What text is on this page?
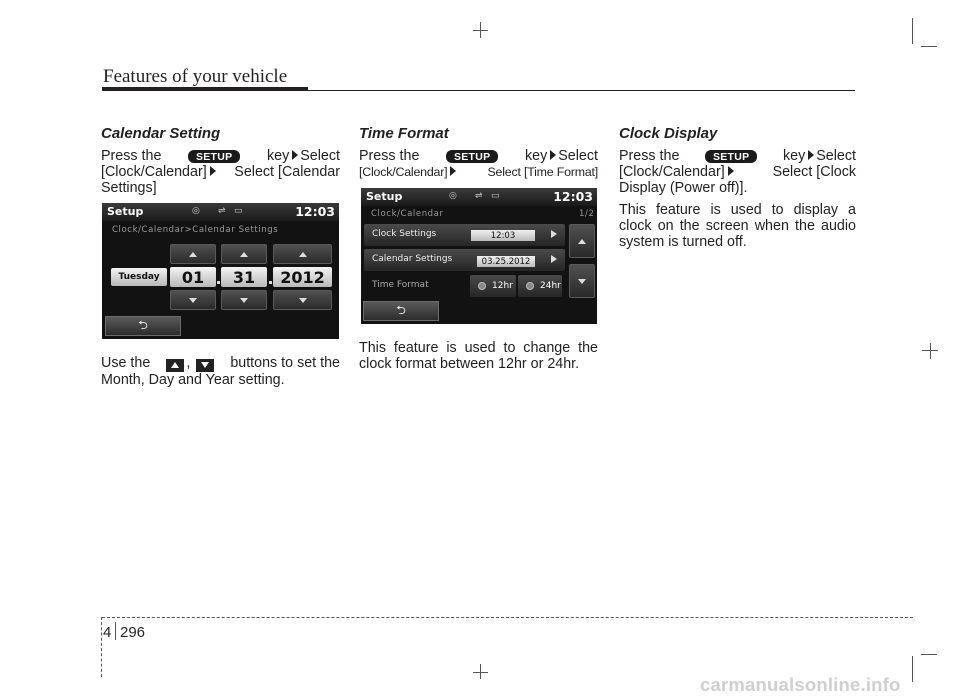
Features of your vehicle
Calendar Setting
Press the	SETUP	key Select
[Clock/Calendar]	Select [Calendar
Settings]
Setup	◎ ⇌ ▭	12:03
Clock/Calendar>Calendar Settings
Tuesday	01	31	2012
⮌
Use the	,	buttons to set the
Month, Day and Year setting.
Time Format
Press the	SETUP	key Select
[Clock/Calendar]	Select [Time Format]
Setup	◎ ⇌ ▭	12:03
Clock/Calendar	1/2
Clock Settings	12:03
Calendar Settings	03.25.2012
Time Format	12hr	24hr
⮌
This feature is used to change the clock format between 12hr or 24hr.
Clock Display
Press the	SETUP	key Select
[Clock/Calendar]	Select [Clock
Display (Power off)].
This feature is used to display a clock on the screen when the audio system is turned off.
4 296
carmanualsonline.info
